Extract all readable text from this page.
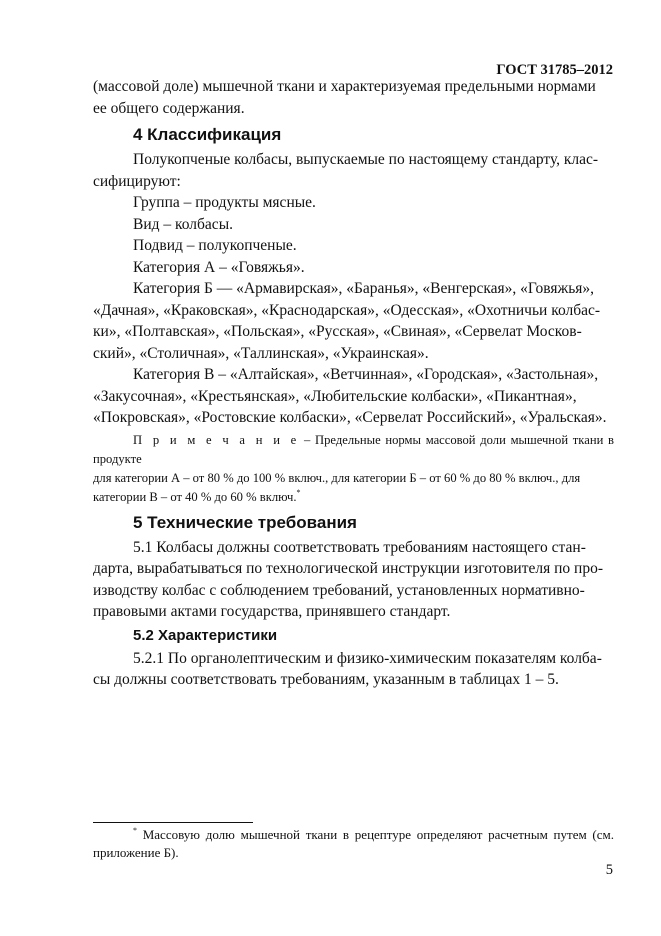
ГОСТ 31785–2012

(массовой доле) мышечной ткани и характеризуемая предельными нормами

ее общего содержания.

4 Классификация

Полукопченые колбасы, выпускаемые по настоящему стандарту, клас-

сифицируют:

Группа – продукты мясные.

Вид – колбасы.

Подвид – полукопченые.

Категория А – «Говяжья».

Категория Б — «Армавирская», «Баранья», «Венгерская», «Говяжья»,

«Дачная», «Краковская», «Краснодарская», «Одесская», «Охотничьи колбас-

ки», «Полтавская», «Польская», «Русская», «Свиная», «Сервелат Москов-

ский», «Столичная», «Таллинская», «Украинская».

Категория В – «Алтайская», «Ветчинная», «Городская», «Застольная»,

«Закусочная», «Крестьянская», «Любительские колбаски», «Пикантная»,

«Покровская», «Ростовские колбаски», «Сервелат Российский», «Уральская».

П р и м е ч а н и е – Предельные нормы массовой доли мышечной ткани в продукте
для категории А – от 80 % до 100 % включ., для категории Б – от 60 % до 80 % включ., для
категории В – от 40 % до 60 % включ.*
5 Технические требования

5.1 Колбасы должны соответствовать требованиям настоящего стан-

дарта, вырабатываться по технологической инструкции изготовителя по про-

изводству колбас с соблюдением требований, установленных нормативно-

правовыми актами государства, принявшего стандарт.

5.2 Характеристики

5.2.1 По органолептическим и физико-химическим показателям колба-

сы должны соответствовать требованиям, указанным в таблицах 1 – 5.

* Массовую долю мышечной ткани в рецептуре определяют расчетным путем (см. приложение Б).
5
